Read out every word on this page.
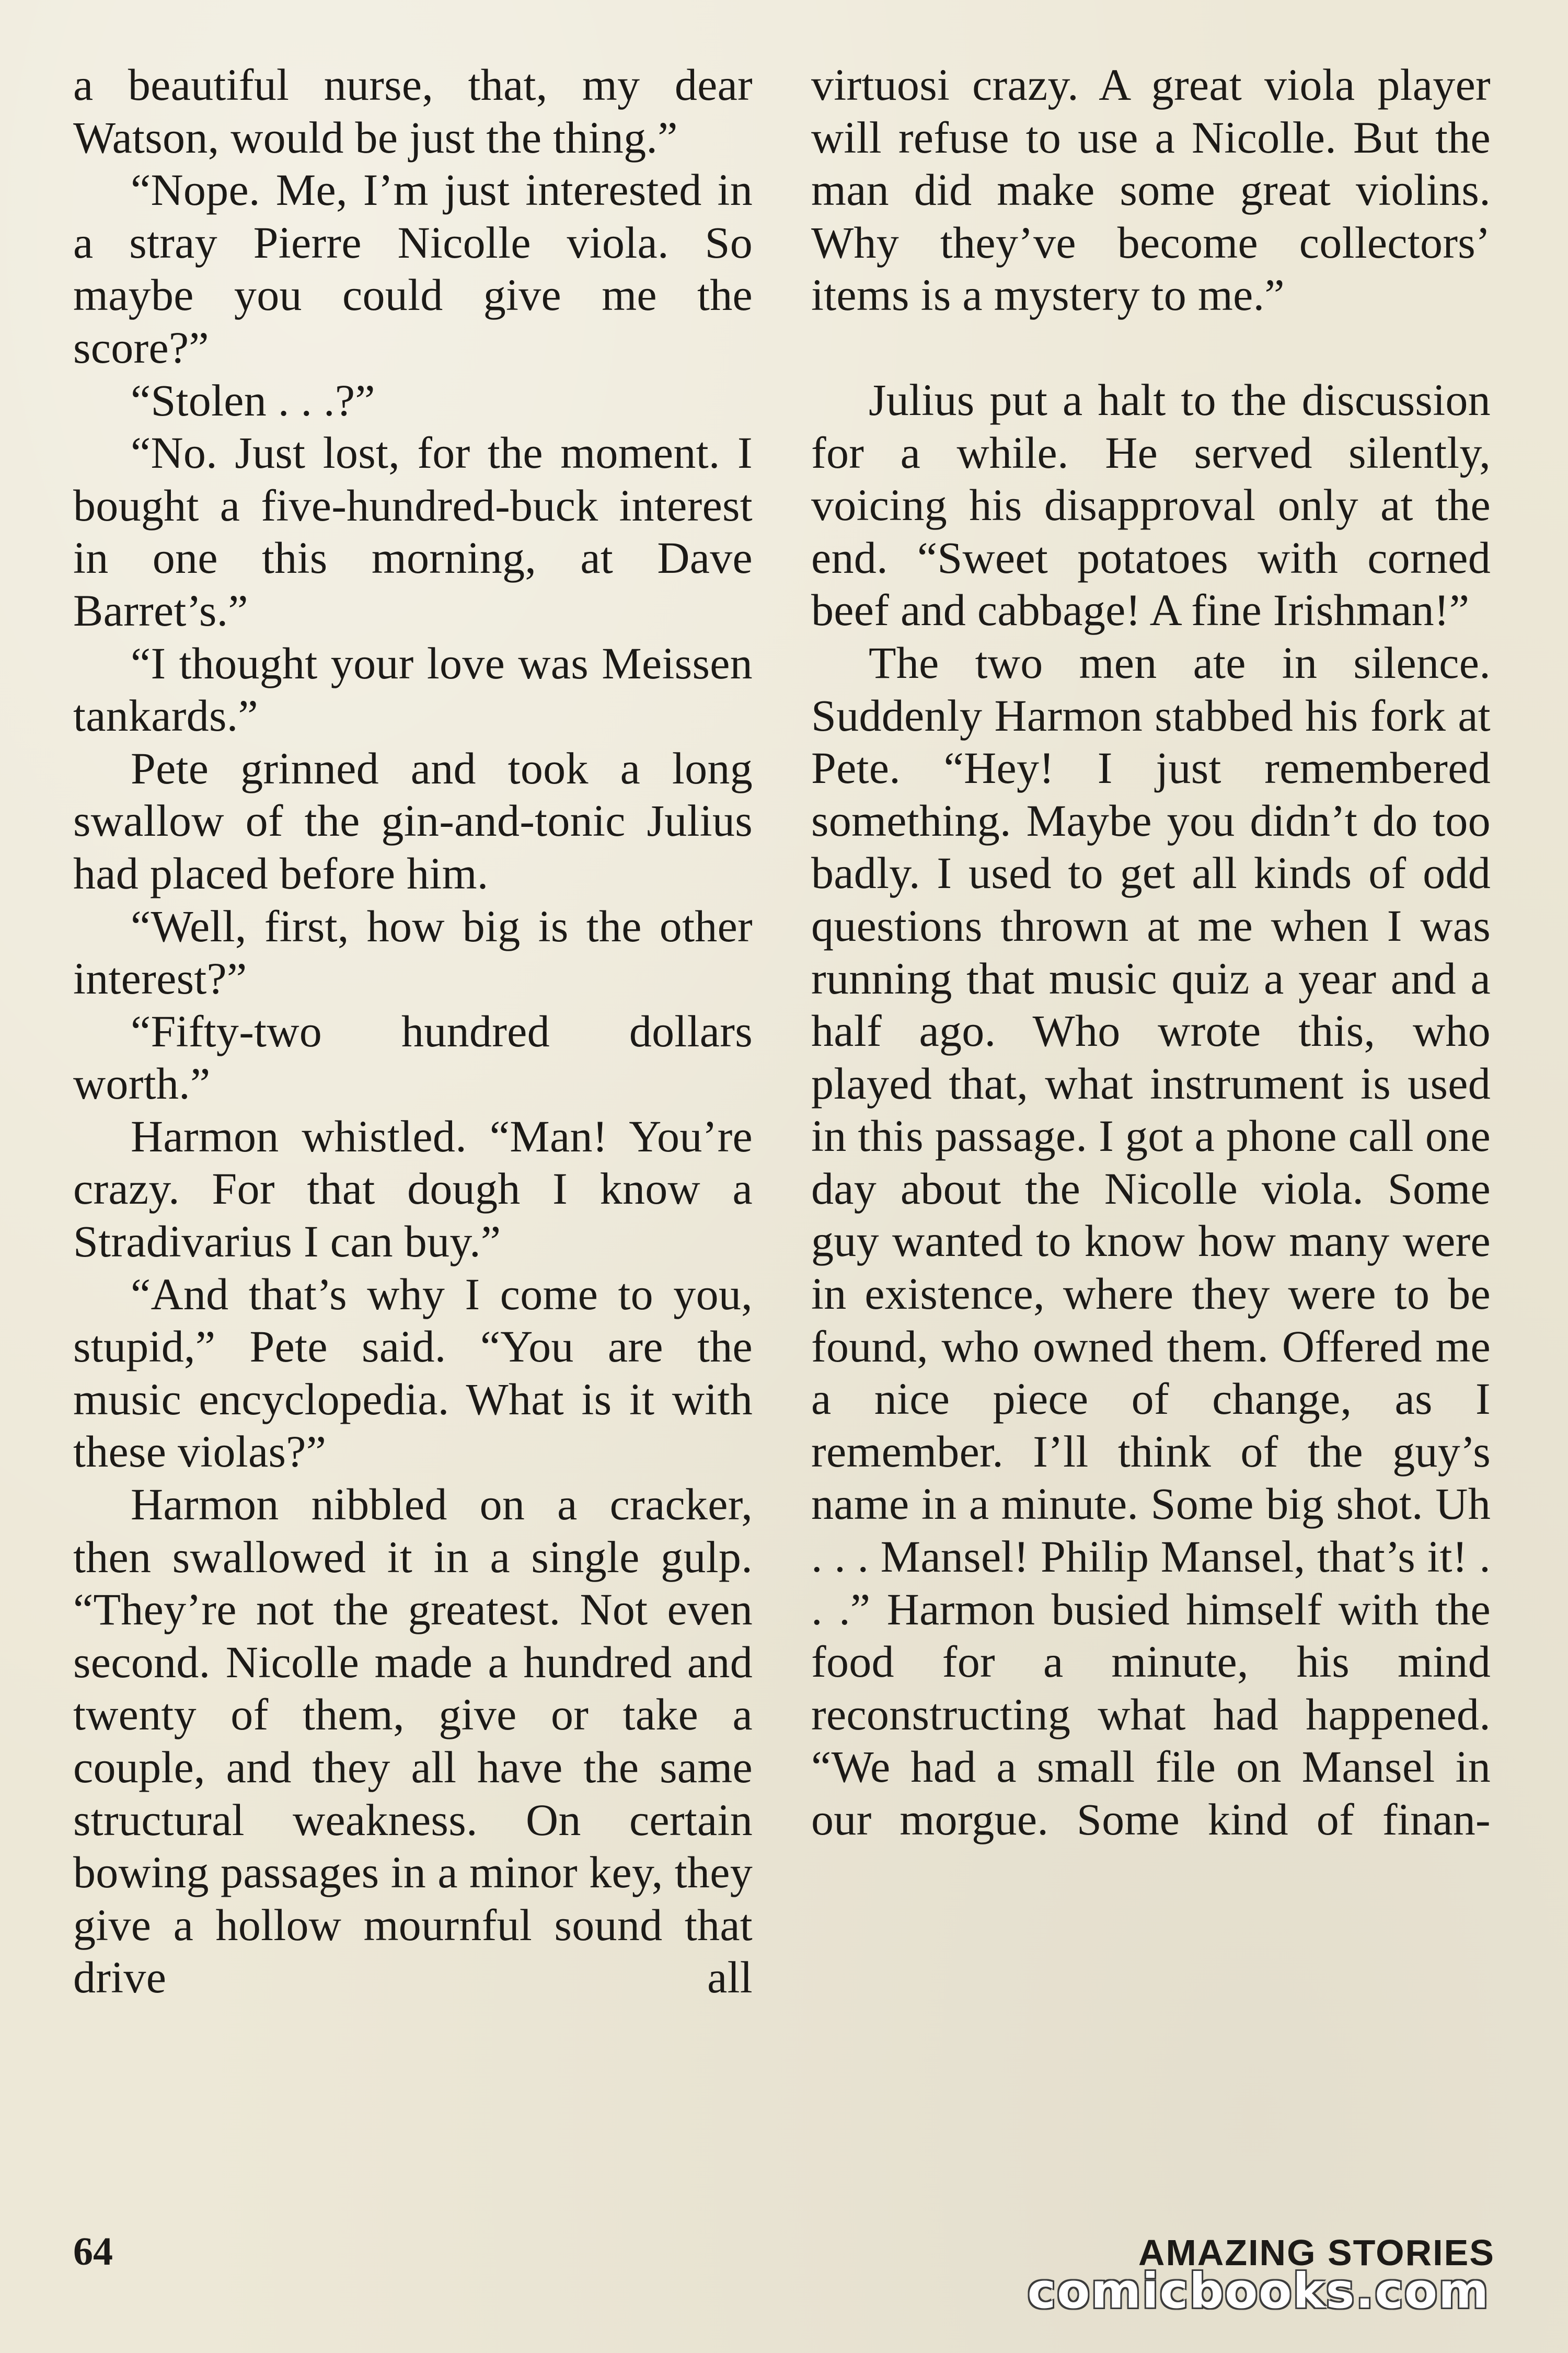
a beautiful nurse, that, my dear Watson, would be just the thing.”

“Nope. Me, I’m just interested in a stray Pierre Nicolle viola. So maybe you could give me the score?”

“Stolen . . .?”

“No. Just lost, for the moment. I bought a five-hundred-buck interest in one this morning, at Dave Barret’s.”

“I thought your love was Meissen tankards.”

Pete grinned and took a long swallow of the gin-and-tonic Julius had placed before him.

“Well, first, how big is the other interest?”

“Fifty-two hundred dollars worth.”

Harmon whistled. “Man! You’re crazy. For that dough I know a Stradivarius I can buy.”

“And that’s why I come to you, stupid,” Pete said. “You are the music encyclopedia. What is it with these violas?”

Harmon nibbled on a cracker, then swallowed it in a single gulp. “They’re not the greatest. Not even second. Nicolle made a hundred and twenty of them, give or take a couple, and they all have the same structural weakness. On certain bowing passages in a minor key, they give a hollow mournful sound that drive all

virtuosi crazy. A great viola player will refuse to use a Nicolle. But the man did make some great violins. Why they’ve become collectors’ items is a mystery to me.”

Julius put a halt to the discussion for a while. He served silently, voicing his disapproval only at the end. “Sweet potatoes with corned beef and cabbage! A fine Irishman!”

The two men ate in silence. Suddenly Harmon stabbed his fork at Pete. “Hey! I just remembered something. Maybe you didn’t do too badly. I used to get all kinds of odd questions thrown at me when I was running that music quiz a year and a half ago. Who wrote this, who played that, what instrument is used in this passage. I got a phone call one day about the Nicolle viola. Some guy wanted to know how many were in existence, where they were to be found, who owned them. Offered me a nice piece of change, as I remember. I’ll think of the guy’s name in a minute. Some big shot. Uh . . . Mansel! Philip Mansel, that’s it! . . .” Harmon busied himself with the food for a minute, his mind reconstructing what had happened. “We had a small file on Mansel in our morgue. Some kind of finan-

64	AMAZING STORIES
comicbooks.com
